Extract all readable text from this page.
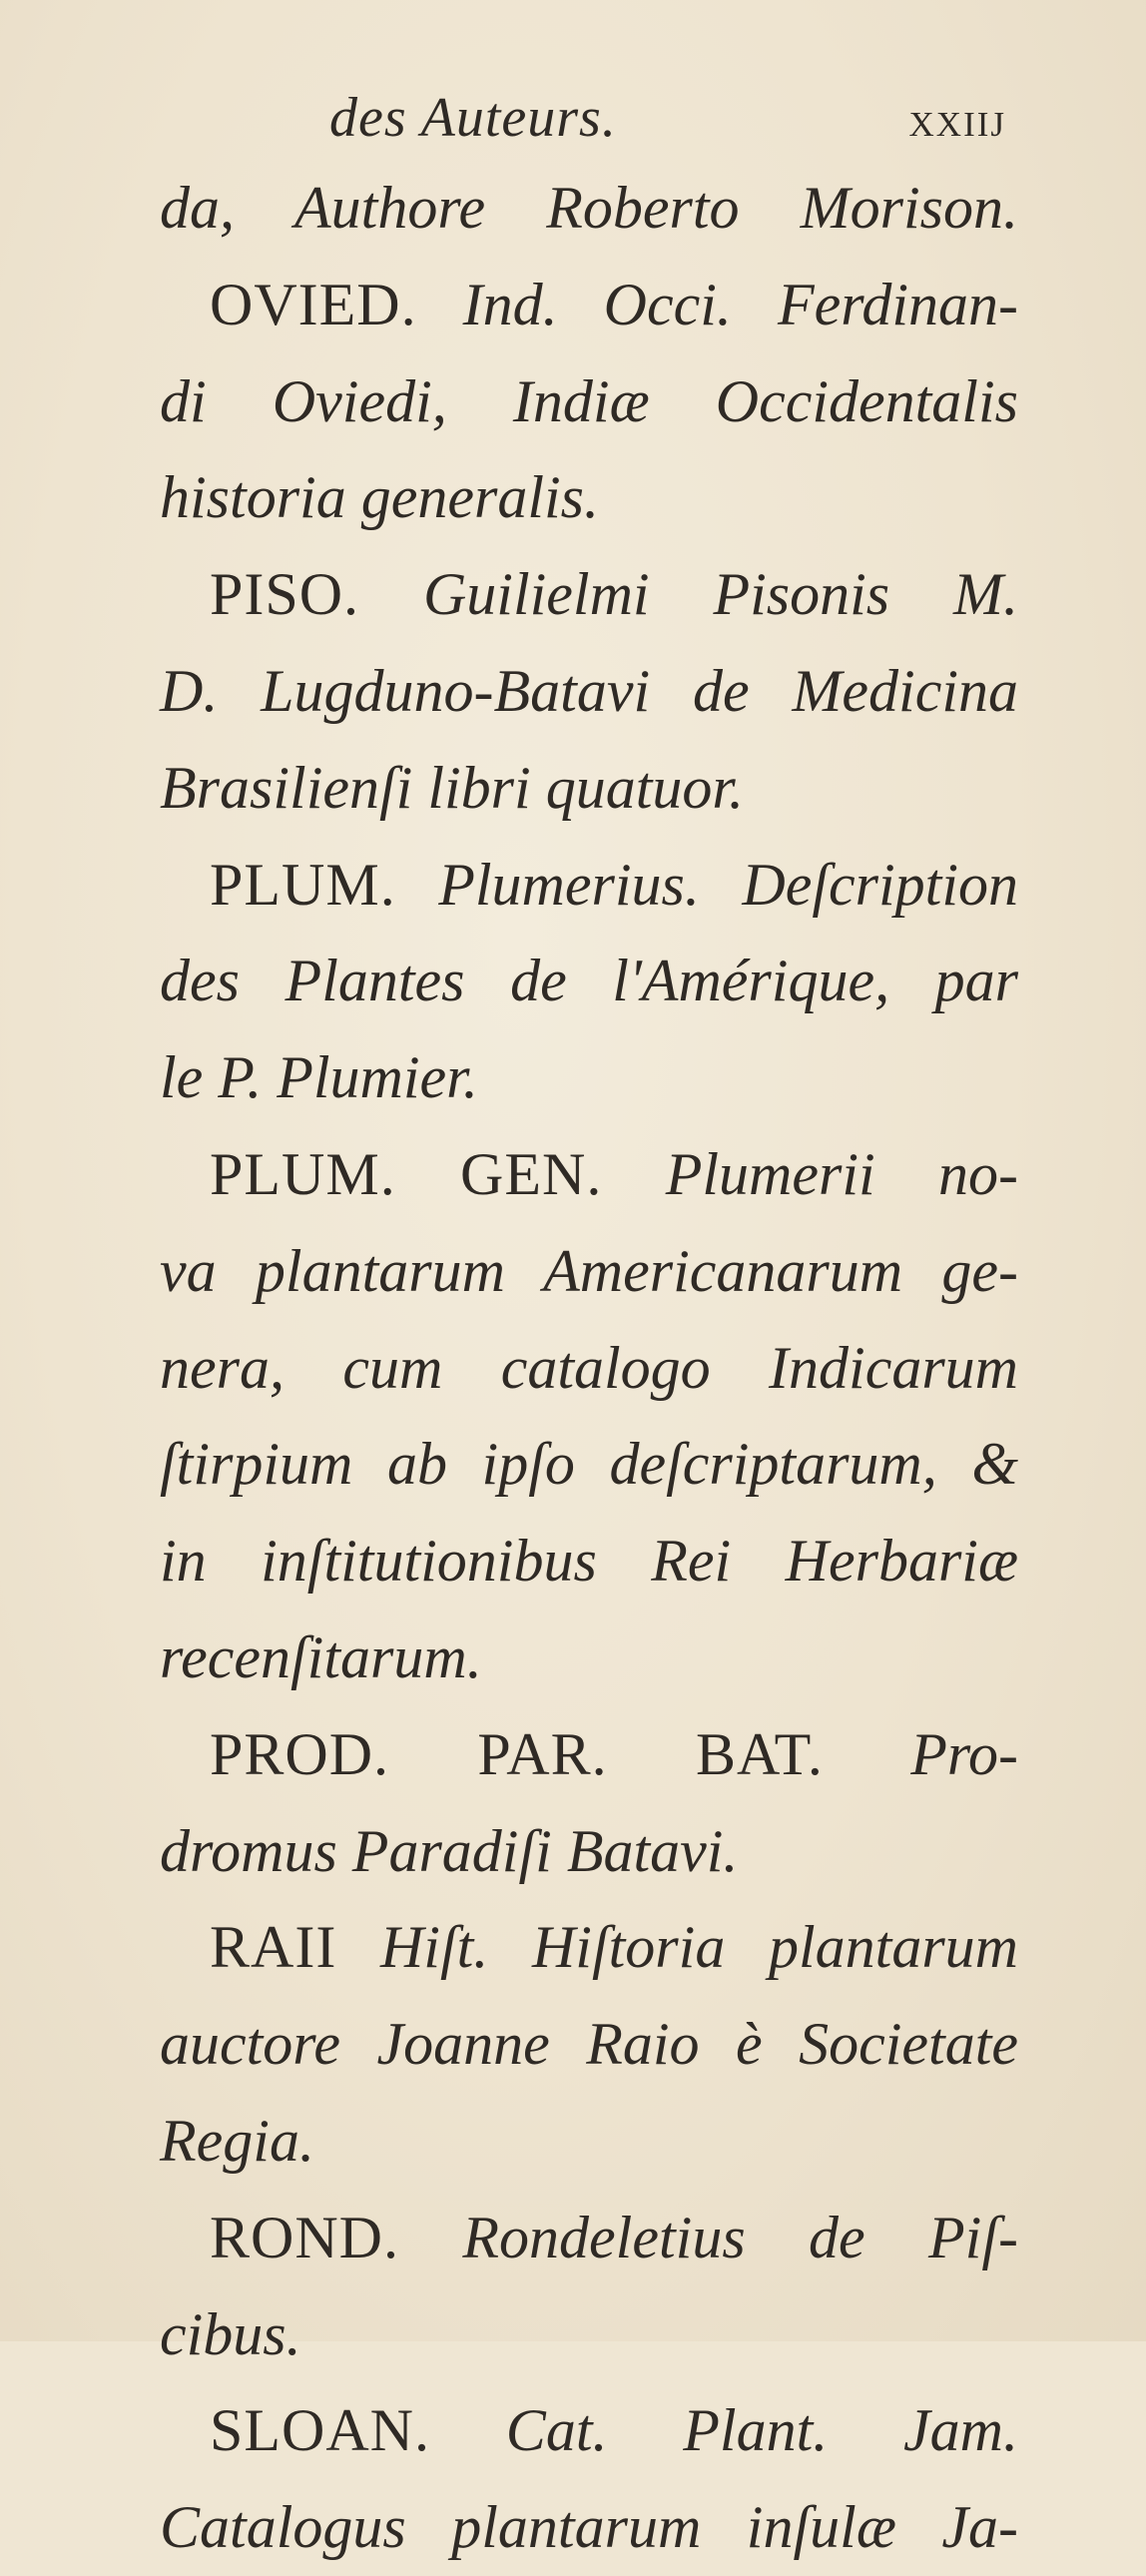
des Auteurs.	xxiij
da, Authore Roberto Morison.
OVIED. Ind. Occi. Ferdinan-
di Oviedi, Indiæ Occidentalis
historia generalis.
PISO. Guilielmi Pisonis M.
D. Lugduno-Batavi de Medicina
Brasilienſi libri quatuor.
PLUM. Plumerius. Deſcription
des Plantes de l'Amérique, par
le P. Plumier.
PLUM. GEN. Plumerii no-
va plantarum Americanarum ge-
nera, cum catalogo Indicarum
ſtirpium ab ipſo deſcriptarum, &
in inſtitutionibus Rei Herbariæ
recenſitarum.
PROD. PAR. BAT. Pro-
dromus Paradiſi Batavi.
RAII Hiſt. Hiſtoria plantarum
auctore Joanne Raio è Societate
Regia.
ROND. Rondeletius de Piſ-
cibus.
SLOAN. Cat. Plant. Jam.
Catalogus plantarum inſulæ Ja-
